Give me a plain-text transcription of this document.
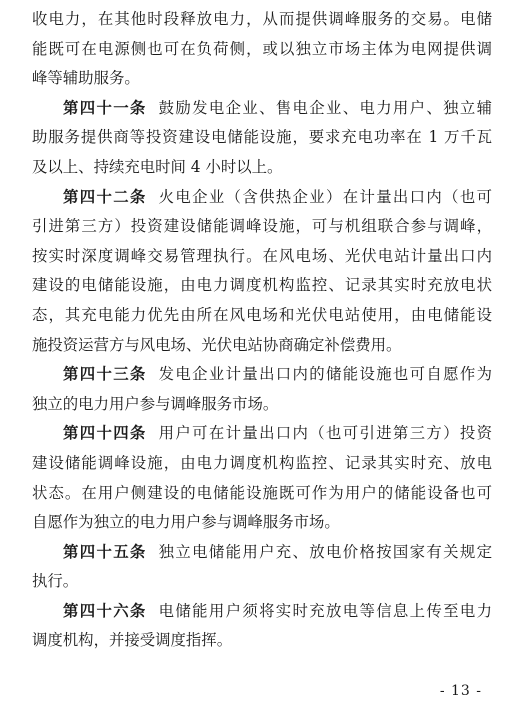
收电力，在其他时段释放电力，从而提供调峰服务的交易。电储
能既可在电源侧也可在负荷侧，或以独立市场主体为电网提供调
峰等辅助服务。
第四十一条 鼓励发电企业、售电企业、电力用户、独立辅
助服务提供商等投资建设电储能设施，要求充电功率在 1 万千瓦
及以上、持续充电时间 4 小时以上。
第四十二条 火电企业（含供热企业）在计量出口内（也可
引进第三方）投资建设储能调峰设施，可与机组联合参与调峰，
按实时深度调峰交易管理执行。在风电场、光伏电站计量出口内
建设的电储能设施，由电力调度机构监控、记录其实时充放电状
态，其充电能力优先由所在风电场和光伏电站使用，由电储能设
施投资运营方与风电场、光伏电站协商确定补偿费用。
第四十三条 发电企业计量出口内的储能设施也可自愿作为
独立的电力用户参与调峰服务市场。
第四十四条 用户可在计量出口内（也可引进第三方）投资
建设储能调峰设施，由电力调度机构监控、记录其实时充、放电
状态。在用户侧建设的电储能设施既可作为用户的储能设备也可
自愿作为独立的电力用户参与调峰服务市场。
第四十五条 独立电储能用户充、放电价格按国家有关规定
执行。
第四十六条 电储能用户须将实时充放电等信息上传至电力
调度机构，并接受调度指挥。
- 13 -
